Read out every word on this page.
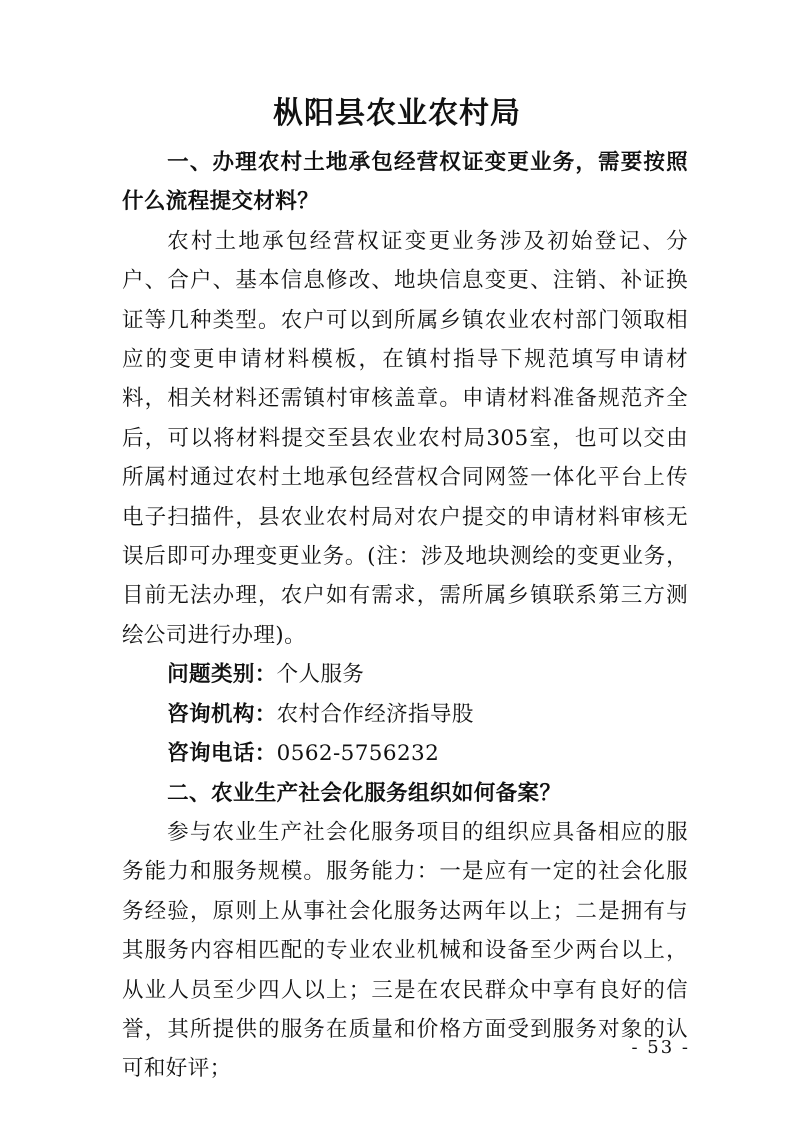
枞阳县农业农村局

一、办理农村土地承包经营权证变更业务，需要按照什么流程提交材料？

农村土地承包经营权证变更业务涉及初始登记、分户、合户、基本信息修改、地块信息变更、注销、补证换证等几种类型。农户可以到所属乡镇农业农村部门领取相应的变更申请材料模板，在镇村指导下规范填写申请材料，相关材料还需镇村审核盖章。申请材料准备规范齐全后，可以将材料提交至县农业农村局305室，也可以交由所属村通过农村土地承包经营权合同网签一体化平台上传电子扫描件，县农业农村局对农户提交的申请材料审核无误后即可办理变更业务。(注：涉及地块测绘的变更业务，目前无法办理，农户如有需求，需所属乡镇联系第三方测绘公司进行办理)。

问题类别：个人服务

咨询机构：农村合作经济指导股

咨询电话：0562-5756232

二、农业生产社会化服务组织如何备案？

参与农业生产社会化服务项目的组织应具备相应的服务能力和服务规模。服务能力：一是应有一定的社会化服务经验，原则上从事社会化服务达两年以上；二是拥有与其服务内容相匹配的专业农业机械和设备至少两台以上，从业人员至少四人以上；三是在农民群众中享有良好的信誉，其所提供的服务在质量和价格方面受到服务对象的认可和好评；

- 53 -
